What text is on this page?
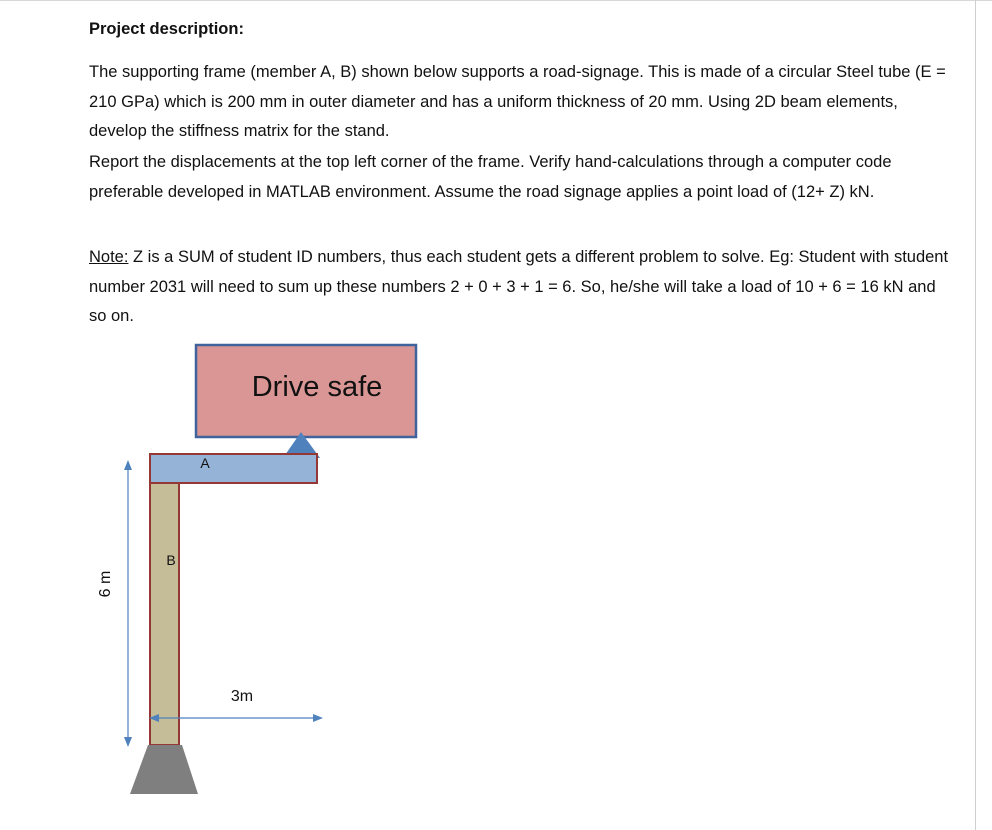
Project description:

The supporting frame (member A, B) shown below supports a road-signage. This is made of a circular Steel tube (E = 210 GPa) which is 200 mm in outer diameter and has a uniform thickness of 20 mm. Using 2D beam elements, develop the stiffness matrix for the stand.

Report the displacements at the top left corner of the frame. Verify hand-calculations through a computer code preferable developed in MATLAB environment. Assume the road signage applies a point load of (12+ Z) kN.

Note: Z is a SUM of student ID numbers, thus each student gets a different problem to solve. Eg: Student with student number 2031 will need to sum up these numbers 2 + 0 + 3 + 1 = 6. So, he/she will take a load of 10 + 6 = 16 kN and so on.

Drive safe
A
B
6 m
3m
